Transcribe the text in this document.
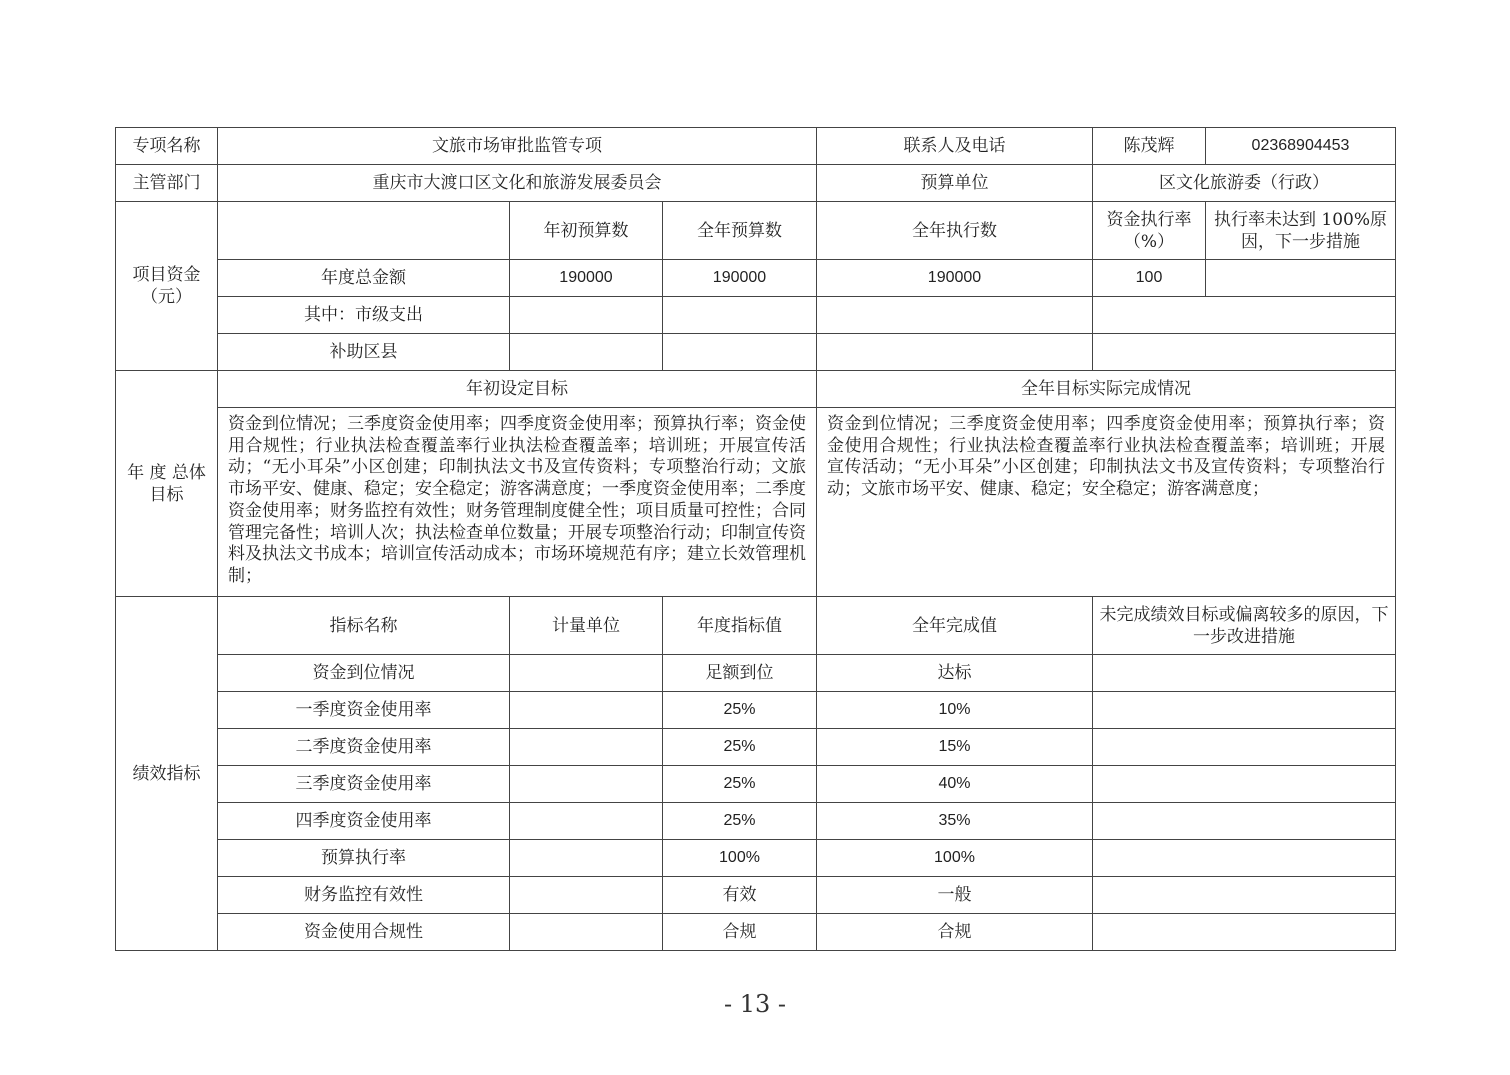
专项名称	文旅市场审批监管专项			联系人及电话	陈茂辉	02368904453
主管部门	重庆市大渡口区文化和旅游发展委员会			预算单位	区文化旅游委（行政）	
项目资金（元）		年初预算数	全年预算数	全年执行数	资金执行率（%）	执行率未达到 100%原因，下一步措施
	年度总金额	190000	190000	190000	100	
	其中：市级支出					
	补助区县					
年 度 总体目标	年初设定目标			全年目标实际完成情况		
	资金到位情况；三季度资金使用率；四季度资金使用率；预算执行率；资金使用合规性；行业执法检查覆盖率行业执法检查覆盖率；培训班；开展宣传活动；“无小耳朵”小区创建；印制执法文书及宣传资料；专项整治行动；文旅市场平安、健康、稳定；安全稳定；游客满意度；一季度资金使用率；二季度资金使用率；财务监控有效性；财务管理制度健全性；项目质量可控性；合同管理完备性；培训人次；执法检查单位数量；开展专项整治行动；印制宣传资料及执法文书成本；培训宣传活动成本；市场环境规范有序；建立长效管理机制；			资金到位情况；三季度资金使用率；四季度资金使用率；预算执行率；资金使用合规性；行业执法检查覆盖率行业执法检查覆盖率；培训班；开展宣传活动；“无小耳朵”小区创建；印制执法文书及宣传资料；专项整治行动；文旅市场平安、健康、稳定；安全稳定；游客满意度；		
绩效指标	指标名称	计量单位	年度指标值	全年完成值	未完成绩效目标或偏离较多的原因，下一步改进措施	
	资金到位情况		足额到位	达标		
	一季度资金使用率		25%	10%		
	二季度资金使用率		25%	15%		
	三季度资金使用率		25%	40%		
	四季度资金使用率		25%	35%		
	预算执行率		100%	100%		
	财务监控有效性		有效	一般		
	资金使用合规性		合规	合规		
- 13 -
